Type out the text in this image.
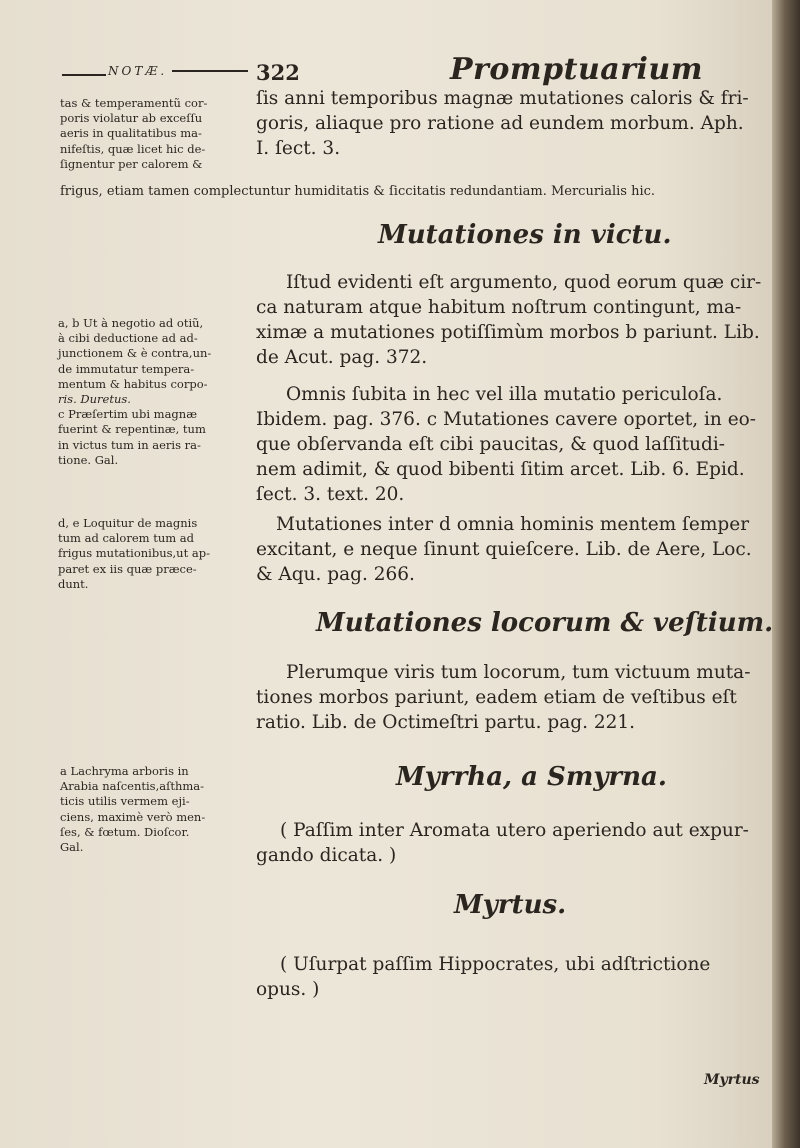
NOTÆ.	322	Promptuarium
tas & temperamentũ cor-
poris violatur ab exceſſu
aeris in qualitatibus ma-
nifeſtis, quæ licet hic de-
ſignentur per calorem &
a, b Ut à negotio ad otiũ,
à cibi deductione ad ad-
junctionem & è contra,un-
de immutatur tempera-
mentum & habitus corpo-
ris. Duretus.
c Præſertim ubi magnæ
fuerint & repentinæ, tum
in victus tum in aeris ra-
tione. Gal.
d, e Loquitur de magnis
tum ad calorem tum ad
frigus mutationibus,ut ap-
paret ex iis quæ præce-
dunt.
a Lachryma arboris in
Arabia naſcentis,aſthma-
ticis utilis vermem eji-
ciens, maximè verò men-
ſes, & fœtum. Dioſcor.
Gal.
ſis anni temporibus magnæ mutationes caloris & fri-
goris, aliaque pro ratione ad eundem morbum. Aph.
I. ſect. 3.
frigus, etiam tamen complectuntur humiditatis & ſiccitatis redundantiam. Mercurialis hic.
Mutationes in victu.
Iſtud evidenti eſt argumento, quod eorum quæ cir-
ca naturam atque habitum noſtrum contingunt, ma-
ximæ a mutationes potiſſimùm morbos b pariunt. Lib.
de Acut. pag. 372.
Omnis ſubita in hec vel illa mutatio periculoſa.
Ibidem. pag. 376. c Mutationes cavere oportet, in eo-
que obſervanda eſt cibi paucitas, & quod laſſitudi-
nem adimit, & quod bibenti ſitim arcet. Lib. 6. Epid.
ſect. 3. text. 20.
Mutationes inter d omnia hominis mentem ſemper
excitant, e neque ſinunt quieſcere. Lib. de Aere, Loc.
& Aqu. pag. 266.
Mutationes locorum & veſtium.
Plerumque viris tum locorum, tum victuum muta-
tiones morbos pariunt, eadem etiam de veſtibus eſt
ratio. Lib. de Octimeſtri partu. pag. 221.
Myrrha, a Smyrna.
( Paſſim inter Aromata utero aperiendo aut expur-
gando dicata. )
Myrtus.
( Uſurpat paſſim Hippocrates, ubi adſtrictione
opus. )
Myrtus
